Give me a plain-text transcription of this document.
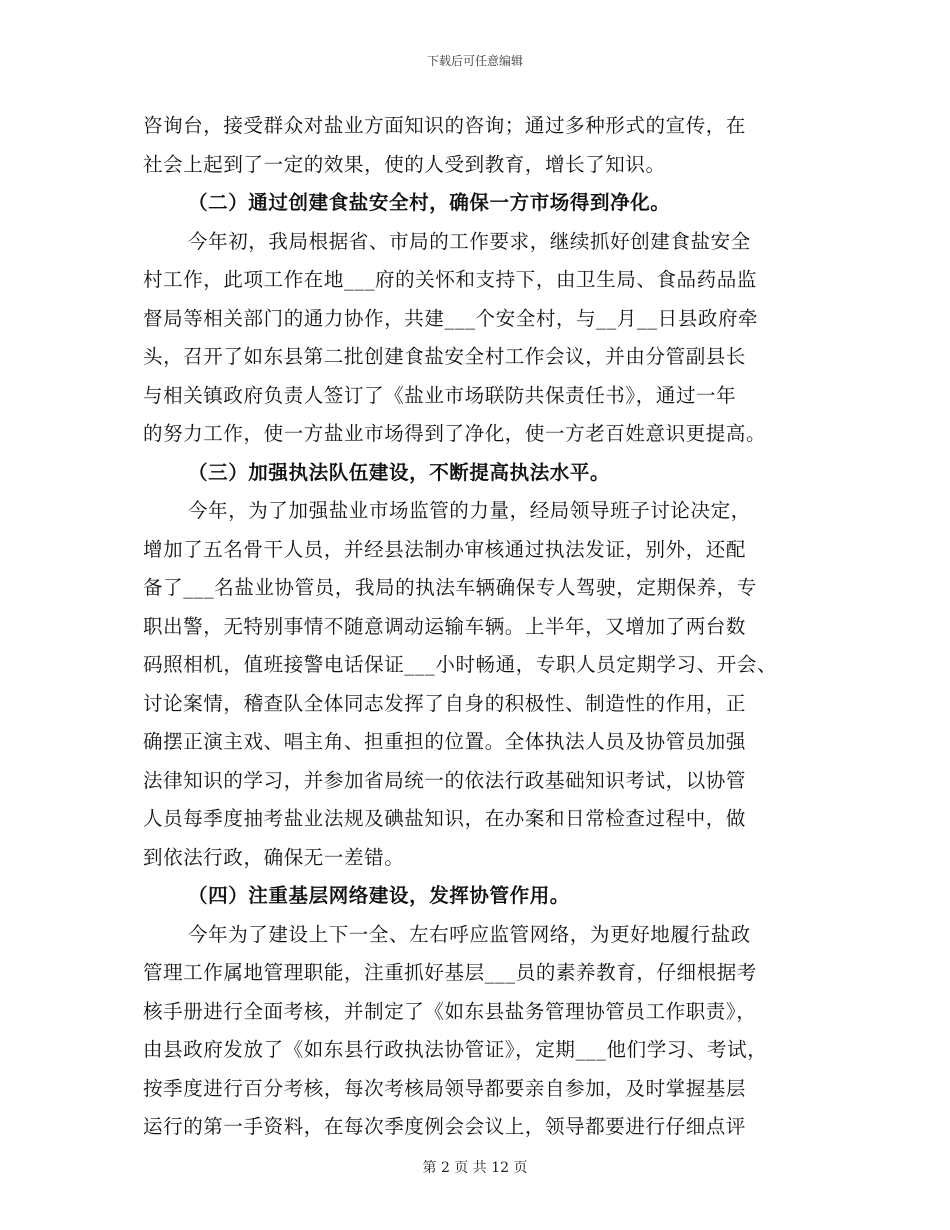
下载后可任意编辑
咨询台，接受群众对盐业方面知识的咨询；通过多种形式的宣传，在
社会上起到了一定的效果，使的人受到教育，增长了知识。
（二）通过创建食盐安全村，确保一方市场得到净化。
今年初，我局根据省、市局的工作要求，继续抓好创建食盐安全
村工作，此项工作在地___府的关怀和支持下，由卫生局、食品药品监
督局等相关部门的通力协作，共建___个安全村，与__月__日县政府牵
头，召开了如东县第二批创建食盐安全村工作会议，并由分管副县长
与相关镇政府负责人签订了《盐业市场联防共保责任书》，通过一年
的努力工作，使一方盐业市场得到了净化，使一方老百姓意识更提高。
（三）加强执法队伍建设，不断提高执法水平。
今年，为了加强盐业市场监管的力量，经局领导班子讨论决定，
增加了五名骨干人员，并经县法制办审核通过执法发证，别外，还配
备了___名盐业协管员，我局的执法车辆确保专人驾驶，定期保养，专
职出警，无特别事情不随意调动运输车辆。上半年，又增加了两台数
码照相机，值班接警电话保证___小时畅通，专职人员定期学习、开会、
讨论案情，稽查队全体同志发挥了自身的积极性、制造性的作用，正
确摆正演主戏、唱主角、担重担的位置。全体执法人员及协管员加强
法律知识的学习，并参加省局统一的依法行政基础知识考试，以协管
人员每季度抽考盐业法规及碘盐知识，在办案和日常检查过程中，做
到依法行政，确保无一差错。
（四）注重基层网络建设，发挥协管作用。
今年为了建设上下一全、左右呼应监管网络，为更好地履行盐政
管理工作属地管理职能，注重抓好基层___员的素养教育，仔细根据考
核手册进行全面考核，并制定了《如东县盐务管理协管员工作职责》，
由县政府发放了《如东县行政执法协管证》，定期___他们学习、考试，
按季度进行百分考核，每次考核局领导都要亲自参加，及时掌握基层
运行的第一手资料，在每次季度例会会议上，领导都要进行仔细点评
第 2 页 共 12 页
